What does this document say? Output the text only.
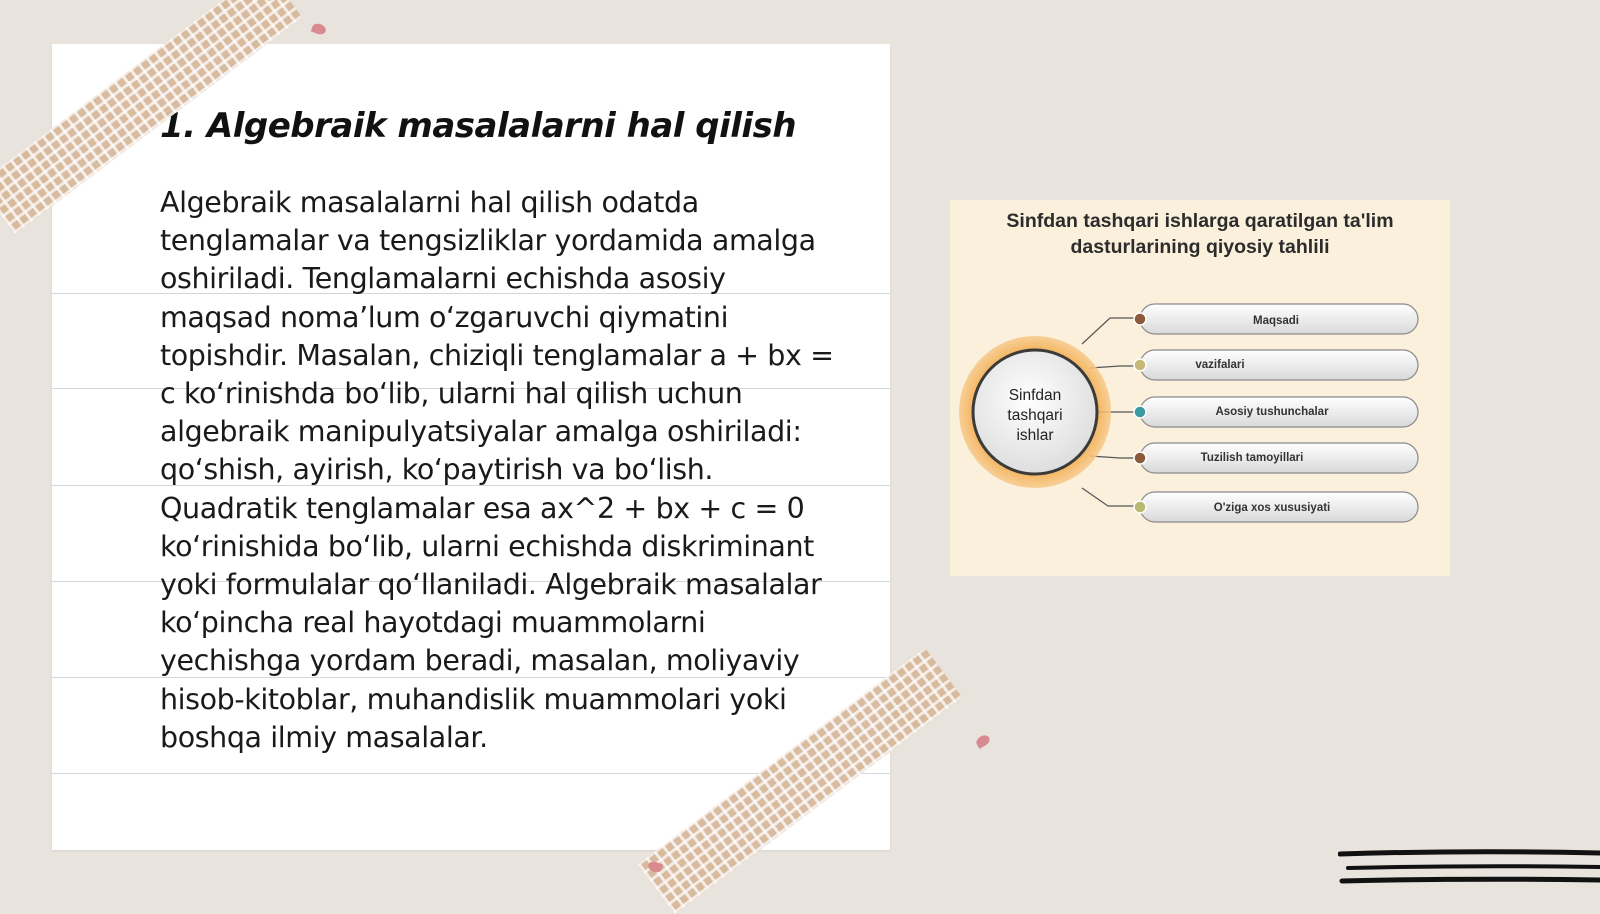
1. Algebraik masalalarni hal qilish

Algebraik masalalarni hal qilish odatda tenglamalar va tengsizliklar yordamida amalga oshiriladi. Tenglamalarni echishda asosiy maqsad noma’lum o‘zgaruvchi qiymatini topishdir. Masalan, chiziqli tenglamalar a + bx = c ko‘rinishda bo‘lib, ularni hal qilish uchun algebraik manipulyatsiyalar amalga oshiriladi: qo‘shish, ayirish, ko‘paytirish va bo‘lish. Quadratik tenglamalar esa ax^2 + bx + c = 0 ko‘rinishida bo‘lib, ularni echishda diskriminant yoki formulalar qo‘llaniladi. Algebraik masalalar ko‘pincha real hayotdagi muammolarni yechishga yordam beradi, masalan, moliyaviy hisob-kitoblar, muhandislik muammolari yoki boshqa ilmiy masalalar.

Sinfdan tashqari ishlarga qaratilgan ta'lim dasturlarining qiyosiy tahlili

Sinfdan
tashqari
ishlar
Maqsadi
vazifalari
Asosiy tushunchalar
Tuzilish tamoyillari
O'ziga xos xususiyati
